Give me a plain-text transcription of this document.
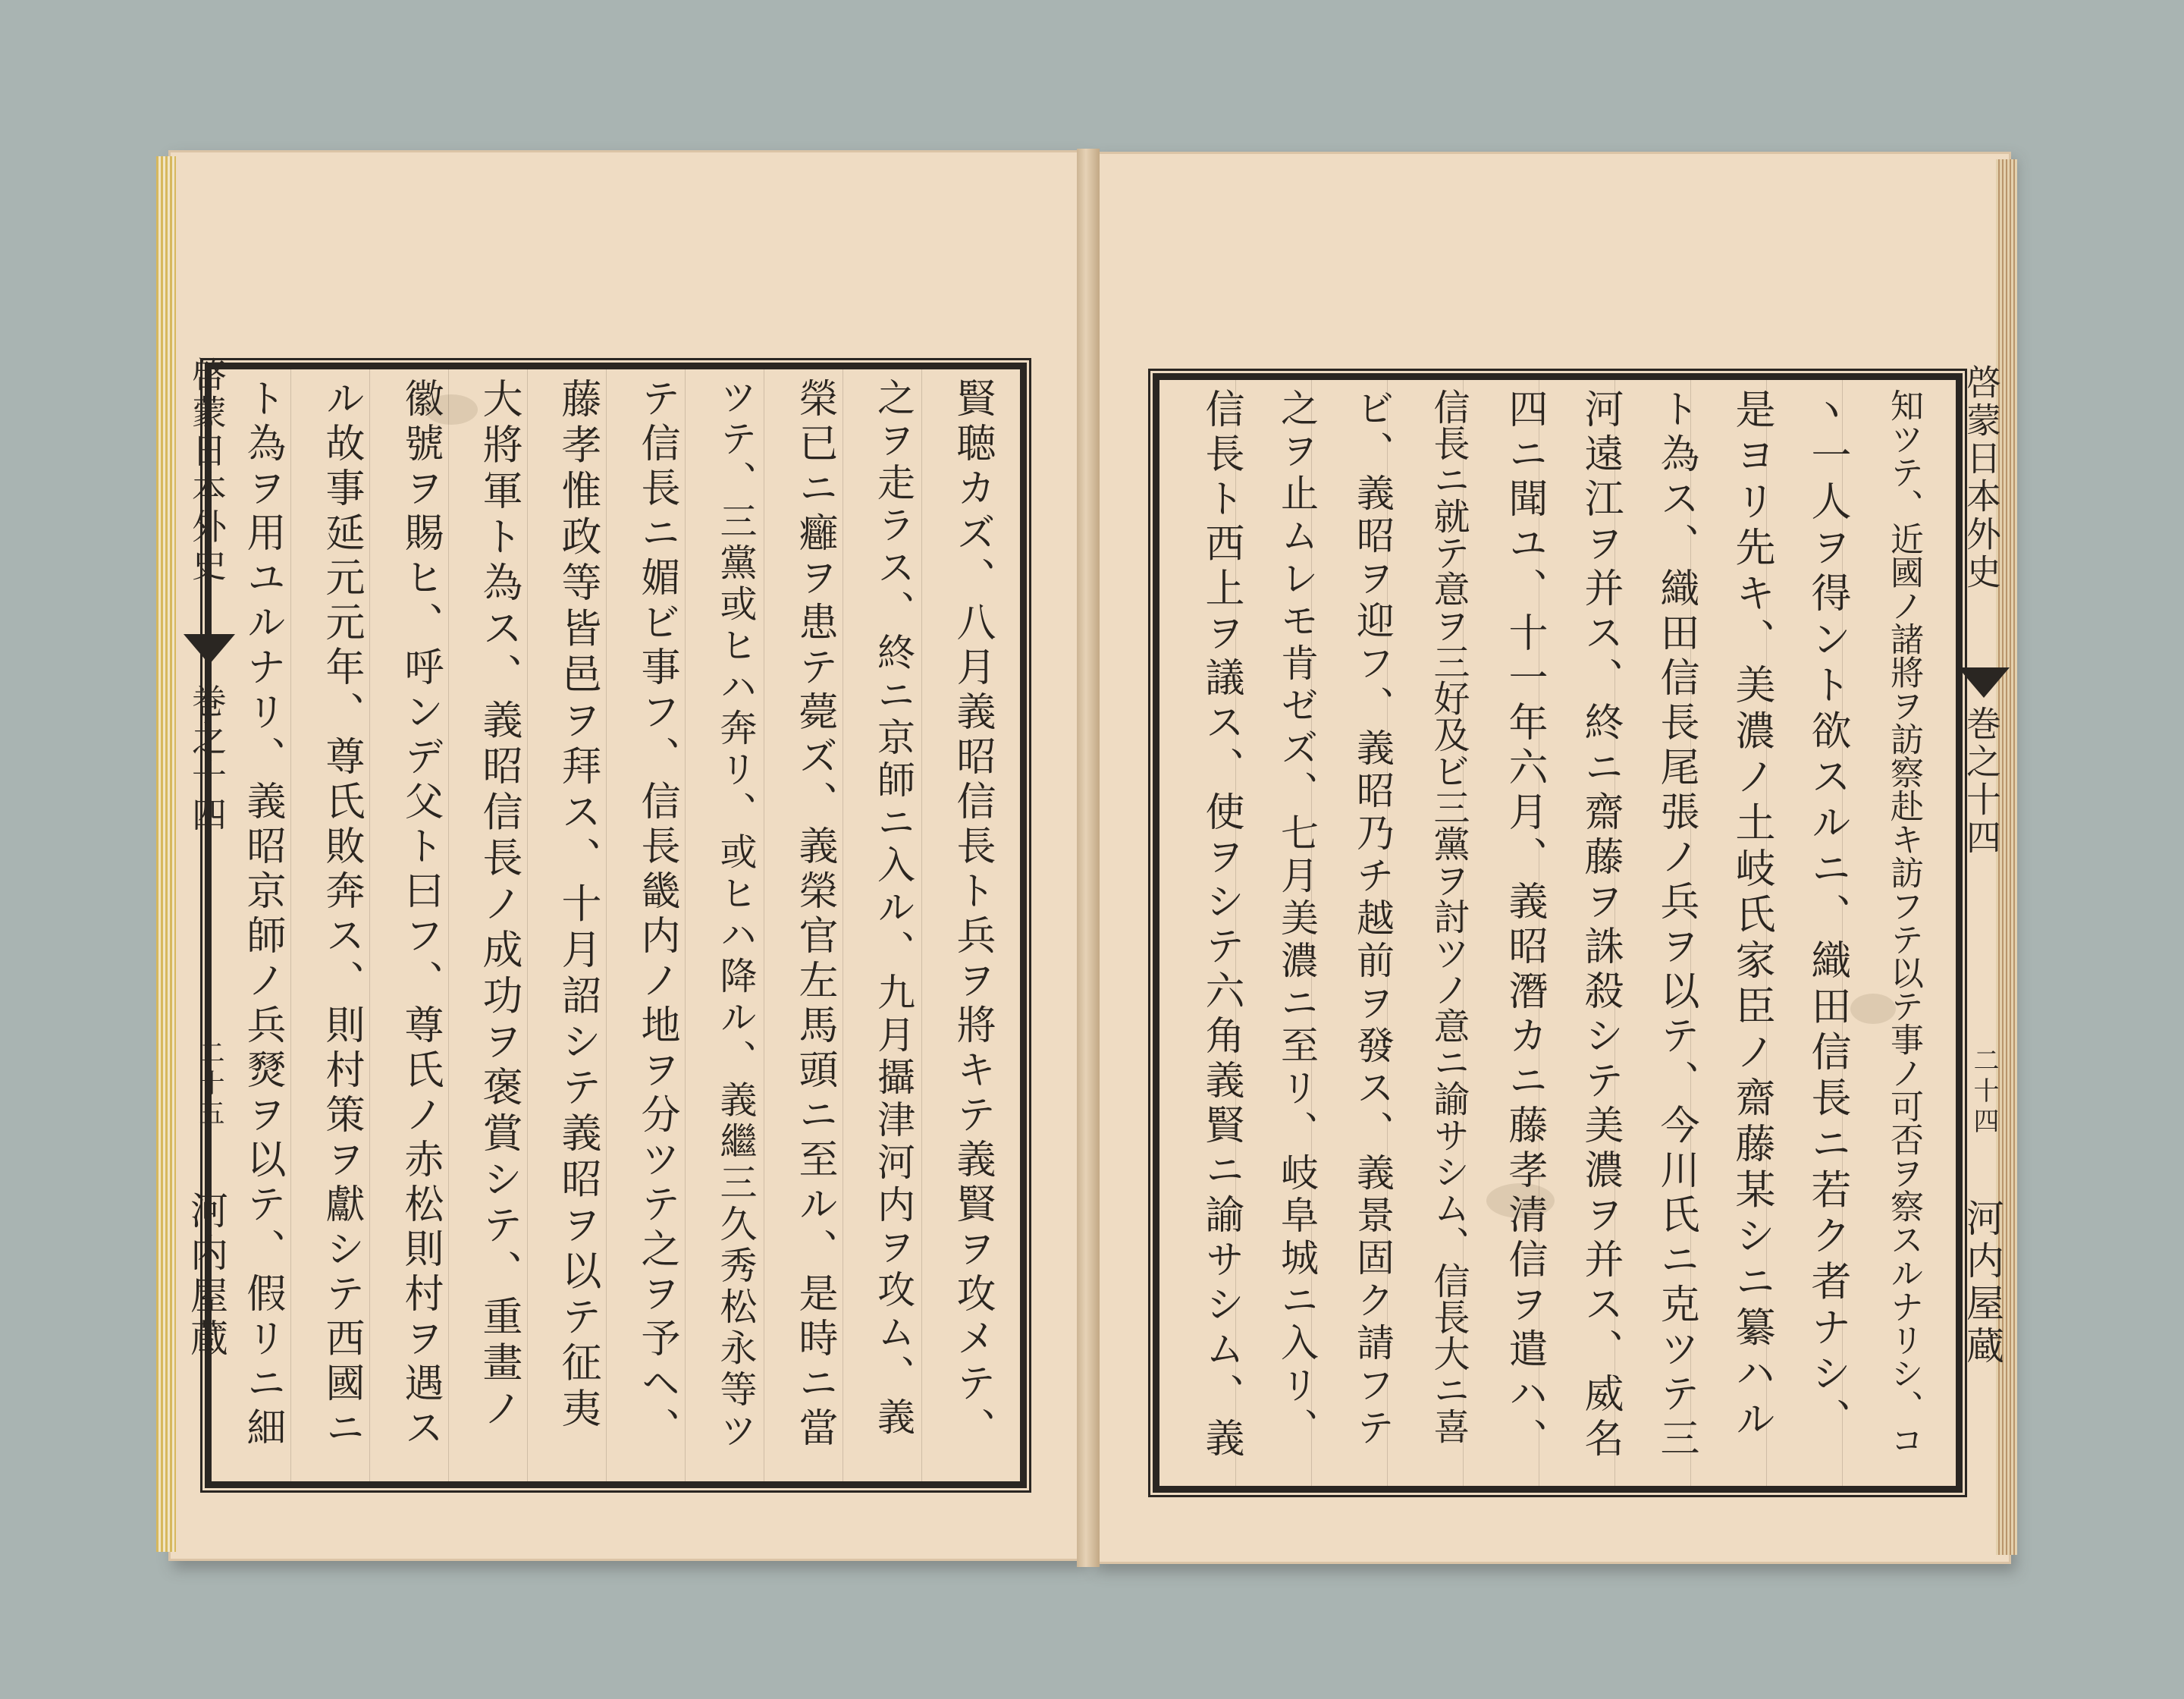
啓蒙日本外史
巻之十四
二十五
河内屋蔵	賢聴カズ、八月義昭信長ト兵ヲ將キテ義賢ヲ攻メテ、
之ヲ走ラス、終ニ京師ニ入ル、九月攝津河内ヲ攻ム、義
榮已ニ癰ヲ患テ薨ズ、義榮官左馬頭ニ至ル、是時ニ當
ツテ、三黨或ヒハ奔リ、或ヒハ降ル、義繼三久秀松永等ツ
テ信長ニ媚ビ事フ、信長畿内ノ地ヲ分ツテ之ヲ予ヘ、
藤孝惟政等皆邑ヲ拜ス、十月詔シテ義昭ヲ以テ征夷
大將軍ト為ス、義昭信長ノ成功ヲ褒賞シテ、重畫ノ
徽號ヲ賜ヒ、呼ンデ父ト曰フ、尊氏ノ赤松則村ヲ遇ス
ル故事延元元年、尊氏敗奔ス、則村策ヲ獻シテ西國ニ
ト為ヲ用ユルナリ、義昭京師ノ兵燹ヲ以テ、假リニ細	啓蒙日本外史
巻之十四
二十四
河内屋蔵
知ツテ、近國ノ諸將ヲ訪察赴キ訪フテ以テ事ノ可否ヲ察スルナリシ、コ
ヽ一人ヲ得ント欲スルニ、織田信長ニ若ク者ナシ、
是ヨリ先キ、美濃ノ土岐氏家臣ノ齋藤某シニ纂ハル
ト為ス、織田信長尾張ノ兵ヲ以テ、今川氏ニ克ツテ三
河遠江ヲ并ス、終ニ齋藤ヲ誅殺シテ美濃ヲ并ス、威名
四ニ聞ユ、十一年六月、義昭潛カニ藤孝清信ヲ遣ハ、
信長ニ就テ意ヲ三好及ビ三黨ヲ討ツノ意ニ諭サシム、信長大ニ喜
ビ、義昭ヲ迎フ、義昭乃チ越前ヲ發ス、義景固ク請フテ
之ヲ止ムレモ肯ゼズ、七月美濃ニ至リ、岐阜城ニ入リ、
信長ト西上ヲ議ス、使ヲシテ六角義賢ニ諭サシム、義
